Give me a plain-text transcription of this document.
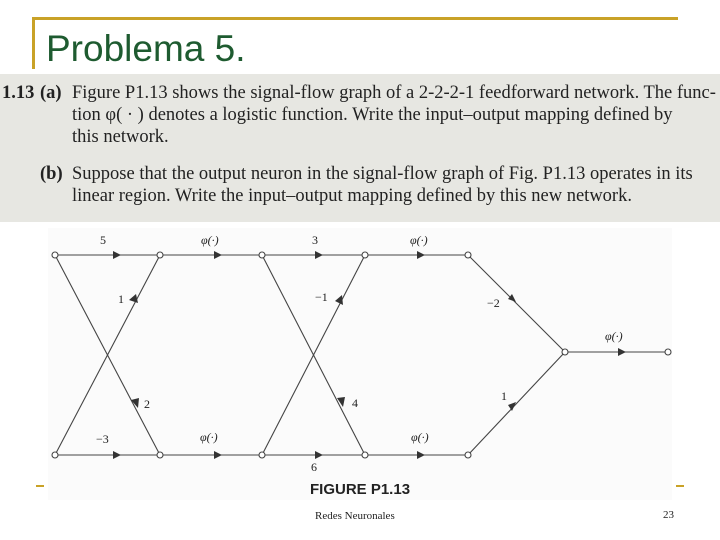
Problema 5.
1.13 (a) Figure P1.13 shows the signal-flow graph of a 2-2-2-1 feedforward network. The func-
tion φ( · ) denotes a logistic function. Write the input–output mapping defined by
this network.
(b) Suppose that the output neuron in the signal-flow graph of Fig. P1.13 operates in its
linear region. Write the input–output mapping defined by this new network.
5
1
2
−3
3
−1
4
6
−2
1
φ(·)
φ(·)
φ(·)
φ(·)
φ(·)
FIGURE P1.13
Redes Neuronales	23
